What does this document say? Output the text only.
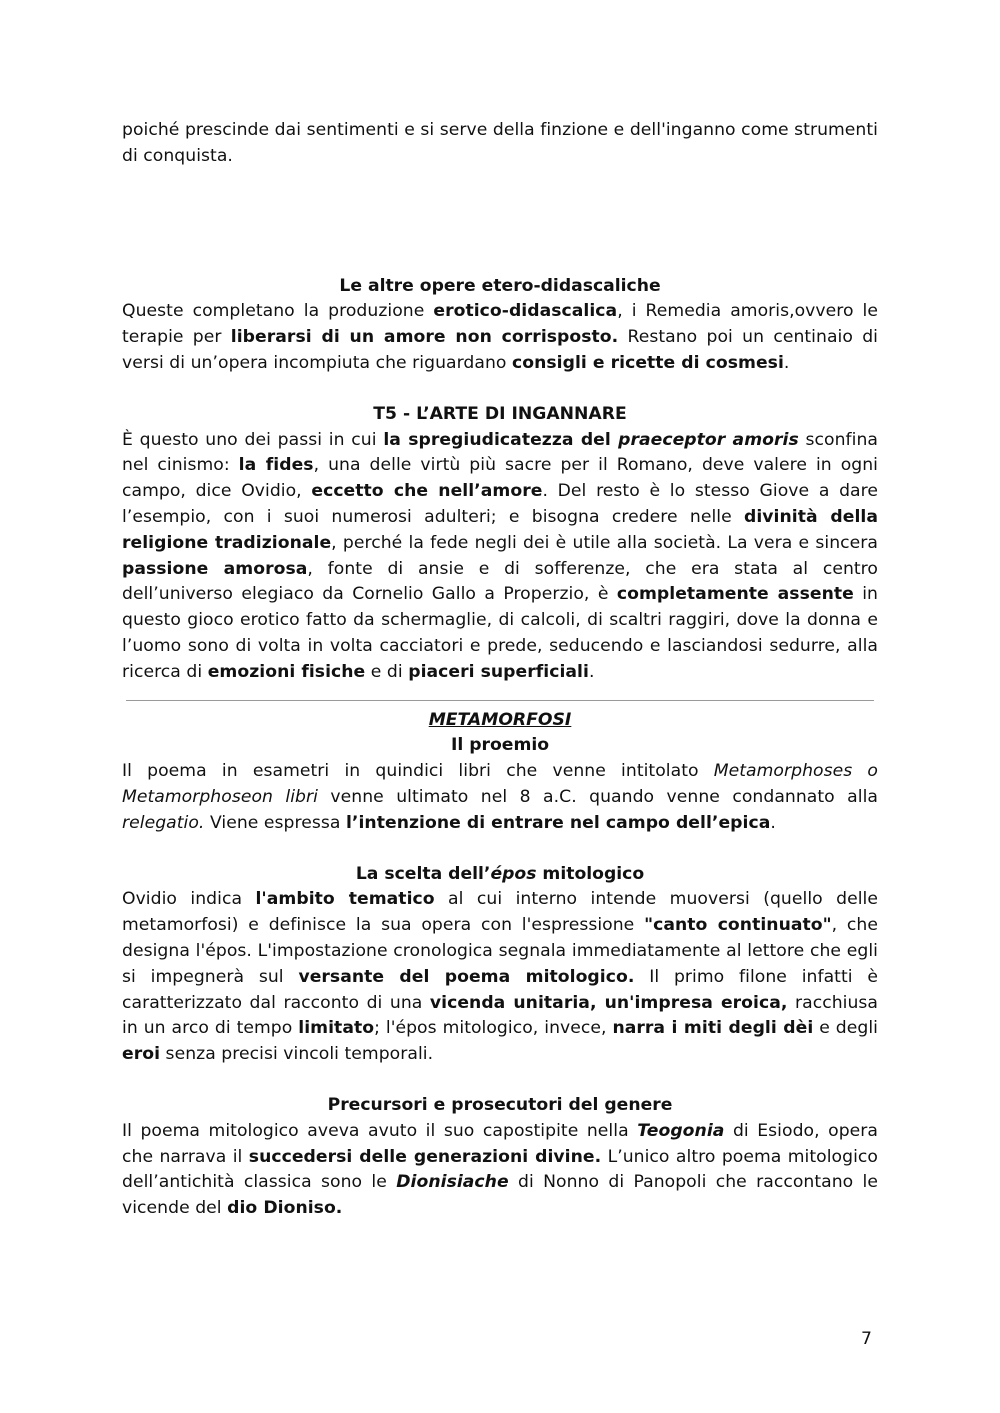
poiché prescinde dai sentimenti e si serve della finzione e dell'inganno come strumenti di conquista.

Le altre opere etero-didascaliche

Queste completano la produzione erotico-didascalica, i Remedia amoris,ovvero le terapie per liberarsi di un amore non corrisposto. Restano poi un centinaio di versi di un’opera incompiuta che riguardano consigli e ricette di cosmesi.

T5 - L’ARTE DI INGANNARE

È questo uno dei passi in cui la spregiudicatezza del praeceptor amoris sconfina nel cinismo: la fides, una delle virtù più sacre per il Romano, deve valere in ogni campo, dice Ovidio, eccetto che nell’amore. Del resto è lo stesso Giove a dare l’esempio, con i suoi numerosi adulteri; e bisogna credere nelle divinità della religione tradizionale, perché la fede negli dei è utile alla società. La vera e sincera passione amorosa, fonte di ansie e di sofferenze, che era stata al centro dell’universo elegiaco da Cornelio Gallo a Properzio, è completamente assente in questo gioco erotico fatto da schermaglie, di calcoli, di scaltri raggiri, dove la donna e l’uomo sono di volta in volta cacciatori e prede, seducendo e lasciandosi sedurre, alla ricerca di emozioni fisiche e di piaceri superficiali.

METAMORFOSI
Il proemio

Il poema in esametri in quindici libri che venne intitolato Metamorphoses o Metamorphoseon libri venne ultimato nel 8 a.C. quando venne condannato alla relegatio. Viene espressa l’intenzione di entrare nel campo dell’epica.

La scelta dell’épos mitologico

Ovidio indica l'ambito tematico al cui interno intende muoversi (quello delle metamorfosi) e definisce la sua opera con l'espressione "canto continuato", che designa l'épos. L'impostazione cronologica segnala immediatamente al lettore che egli si impegnerà sul versante del poema mitologico. Il primo filone infatti è caratterizzato dal racconto di una vicenda unitaria, un'impresa eroica, racchiusa in un arco di tempo limitato; l'épos mitologico, invece, narra i miti degli dèi e degli eroi senza precisi vincoli temporali.

Precursori e prosecutori del genere

Il poema mitologico aveva avuto il suo capostipite nella Teogonia di Esiodo, opera che narrava il succedersi delle generazioni divine. L’unico altro poema mitologico dell’antichità classica sono le Dionisiache di Nonno di Panopoli che raccontano le vicende del dio Dioniso.

7
